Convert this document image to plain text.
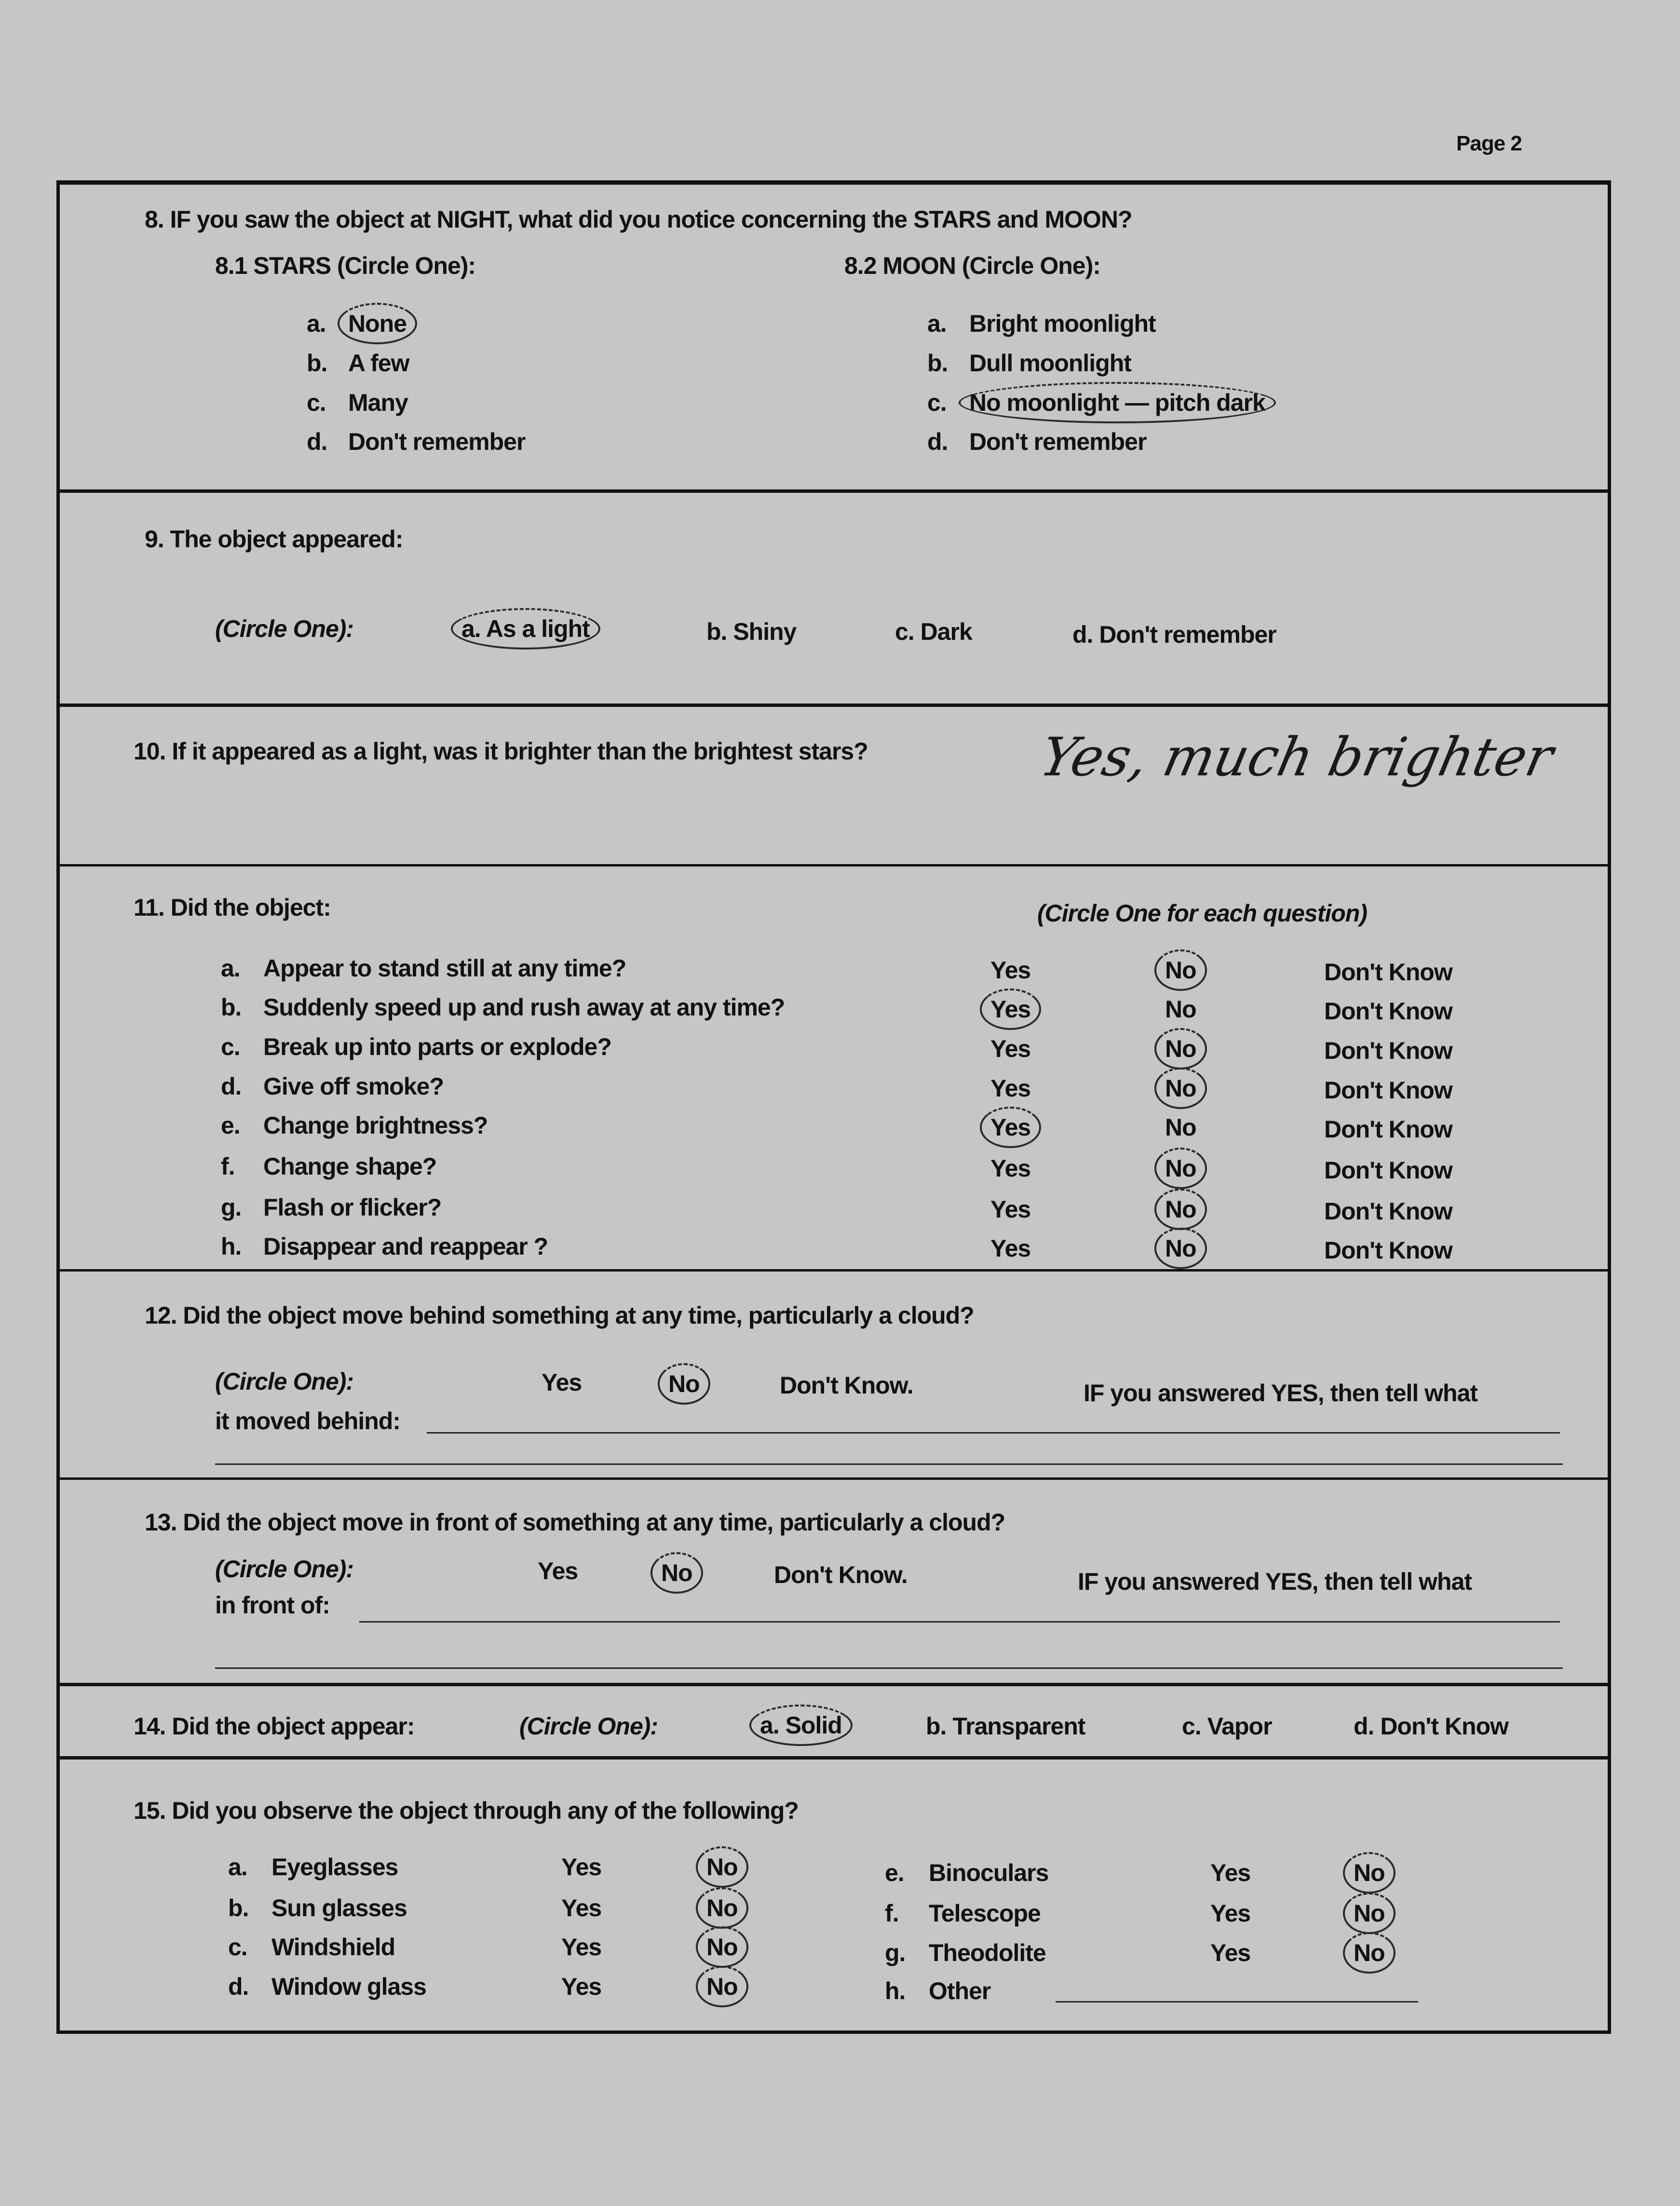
Page 2
8. IF you saw the object at NIGHT, what did you notice concerning the STARS and MOON?
8.1 STARS (Circle One):	8.2 MOON (Circle One):
a. None
b. A few
c. Many
d. Don't remember
a. Bright moonlight
b. Dull moonlight
c. No moonlight — pitch dark
d. Don't remember
9. The object appeared:
(Circle One):	a. As a light	b. Shiny	c. Dark	d. Don't remember
10. If it appeared as a light, was it brighter than the brightest stars?	Yes, much brighter
11. Did the object:	(Circle One for each question)
a. Appear to stand still at any time?	Yes	No	Don't Know
b. Suddenly speed up and rush away at any time?	Yes	No	Don't Know
c. Break up into parts or explode?	Yes	No	Don't Know
d. Give off smoke?	Yes	No	Don't Know
e. Change brightness?	Yes	No	Don't Know
f. Change shape?	Yes	No	Don't Know
g. Flash or flicker?	Yes	No	Don't Know
h. Disappear and reappear ?	Yes	No	Don't Know
12. Did the object move behind something at any time, particularly a cloud?
(Circle One):	Yes	No	Don't Know.	IF you answered YES, then tell what
it moved behind:
13. Did the object move in front of something at any time, particularly a cloud?
(Circle One):	Yes	No	Don't Know.	IF you answered YES, then tell what
in front of:
14. Did the object appear:	(Circle One):	a. Solid	b. Transparent	c. Vapor	d. Don't Know
15. Did you observe the object through any of the following?
a. Eyeglasses	Yes	No
b. Sun glasses	Yes	No
c. Windshield	Yes	No
d. Window glass	Yes	No
e. Binoculars	Yes	No
f. Telescope	Yes	No
g. Theodolite	Yes	No
h. Other
